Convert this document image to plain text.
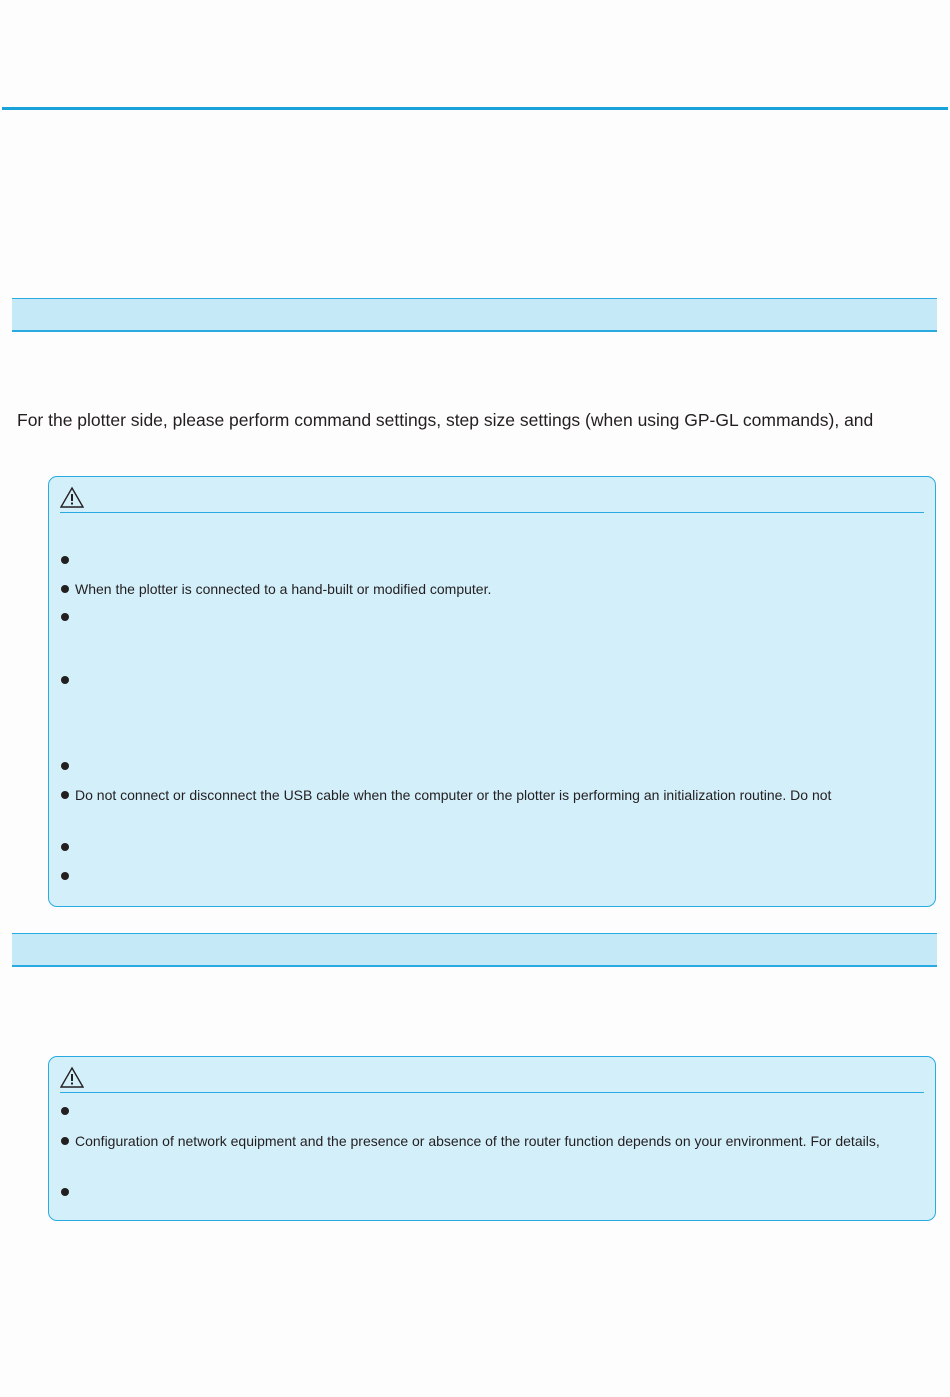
For the plotter side, please perform command settings, step size settings (when using GP-GL commands), and
When the plotter is connected to a hand-built or modified computer.
Do not connect or disconnect the USB cable when the computer or the plotter is performing an initialization routine. Do not
Configuration of network equipment and the presence or absence of the router function depends on your environment. For details,
